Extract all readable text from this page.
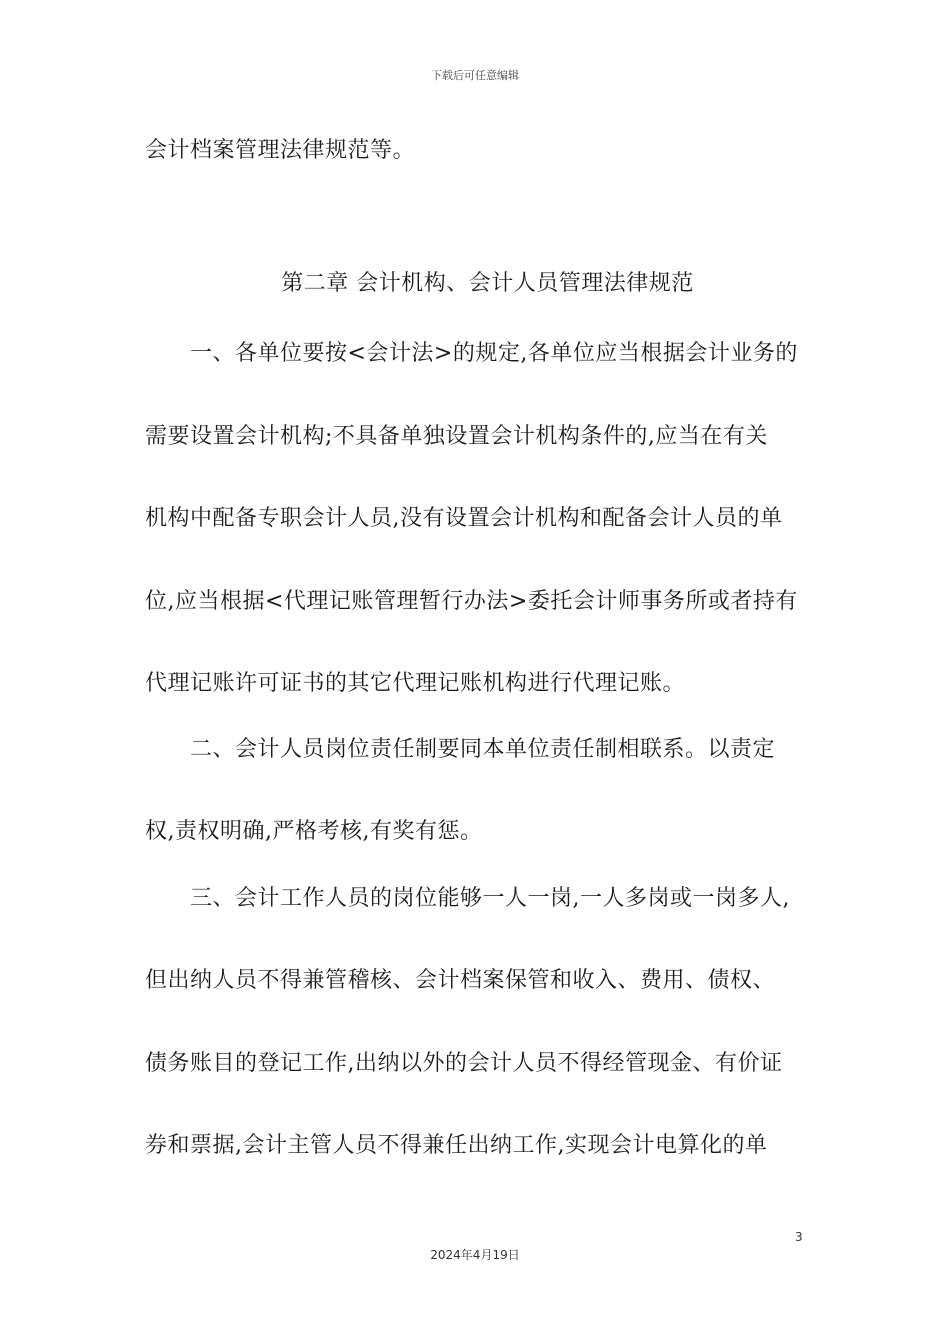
下载后可任意编辑
会计档案管理法律规范等。
第二章 会计机构、会计人员管理法律规范
一、各单位要按<会计法>的规定,各单位应当根据会计业务的
需要设置会计机构;不具备单独设置会计机构条件的,应当在有关
机构中配备专职会计人员,没有设置会计机构和配备会计人员的单
位,应当根据<代理记账管理暂行办法>委托会计师事务所或者持有
代理记账许可证书的其它代理记账机构进行代理记账。
二、会计人员岗位责任制要同本单位责任制相联系。以责定
权,责权明确,严格考核,有奖有惩。
三、会计工作人员的岗位能够一人一岗,一人多岗或一岗多人,
但出纳人员不得兼管稽核、会计档案保管和收入、费用、债权、
债务账目的登记工作,出纳以外的会计人员不得经管现金、有价证
券和票据,会计主管人员不得兼任出纳工作,实现会计电算化的单
3
2024年4月19日
